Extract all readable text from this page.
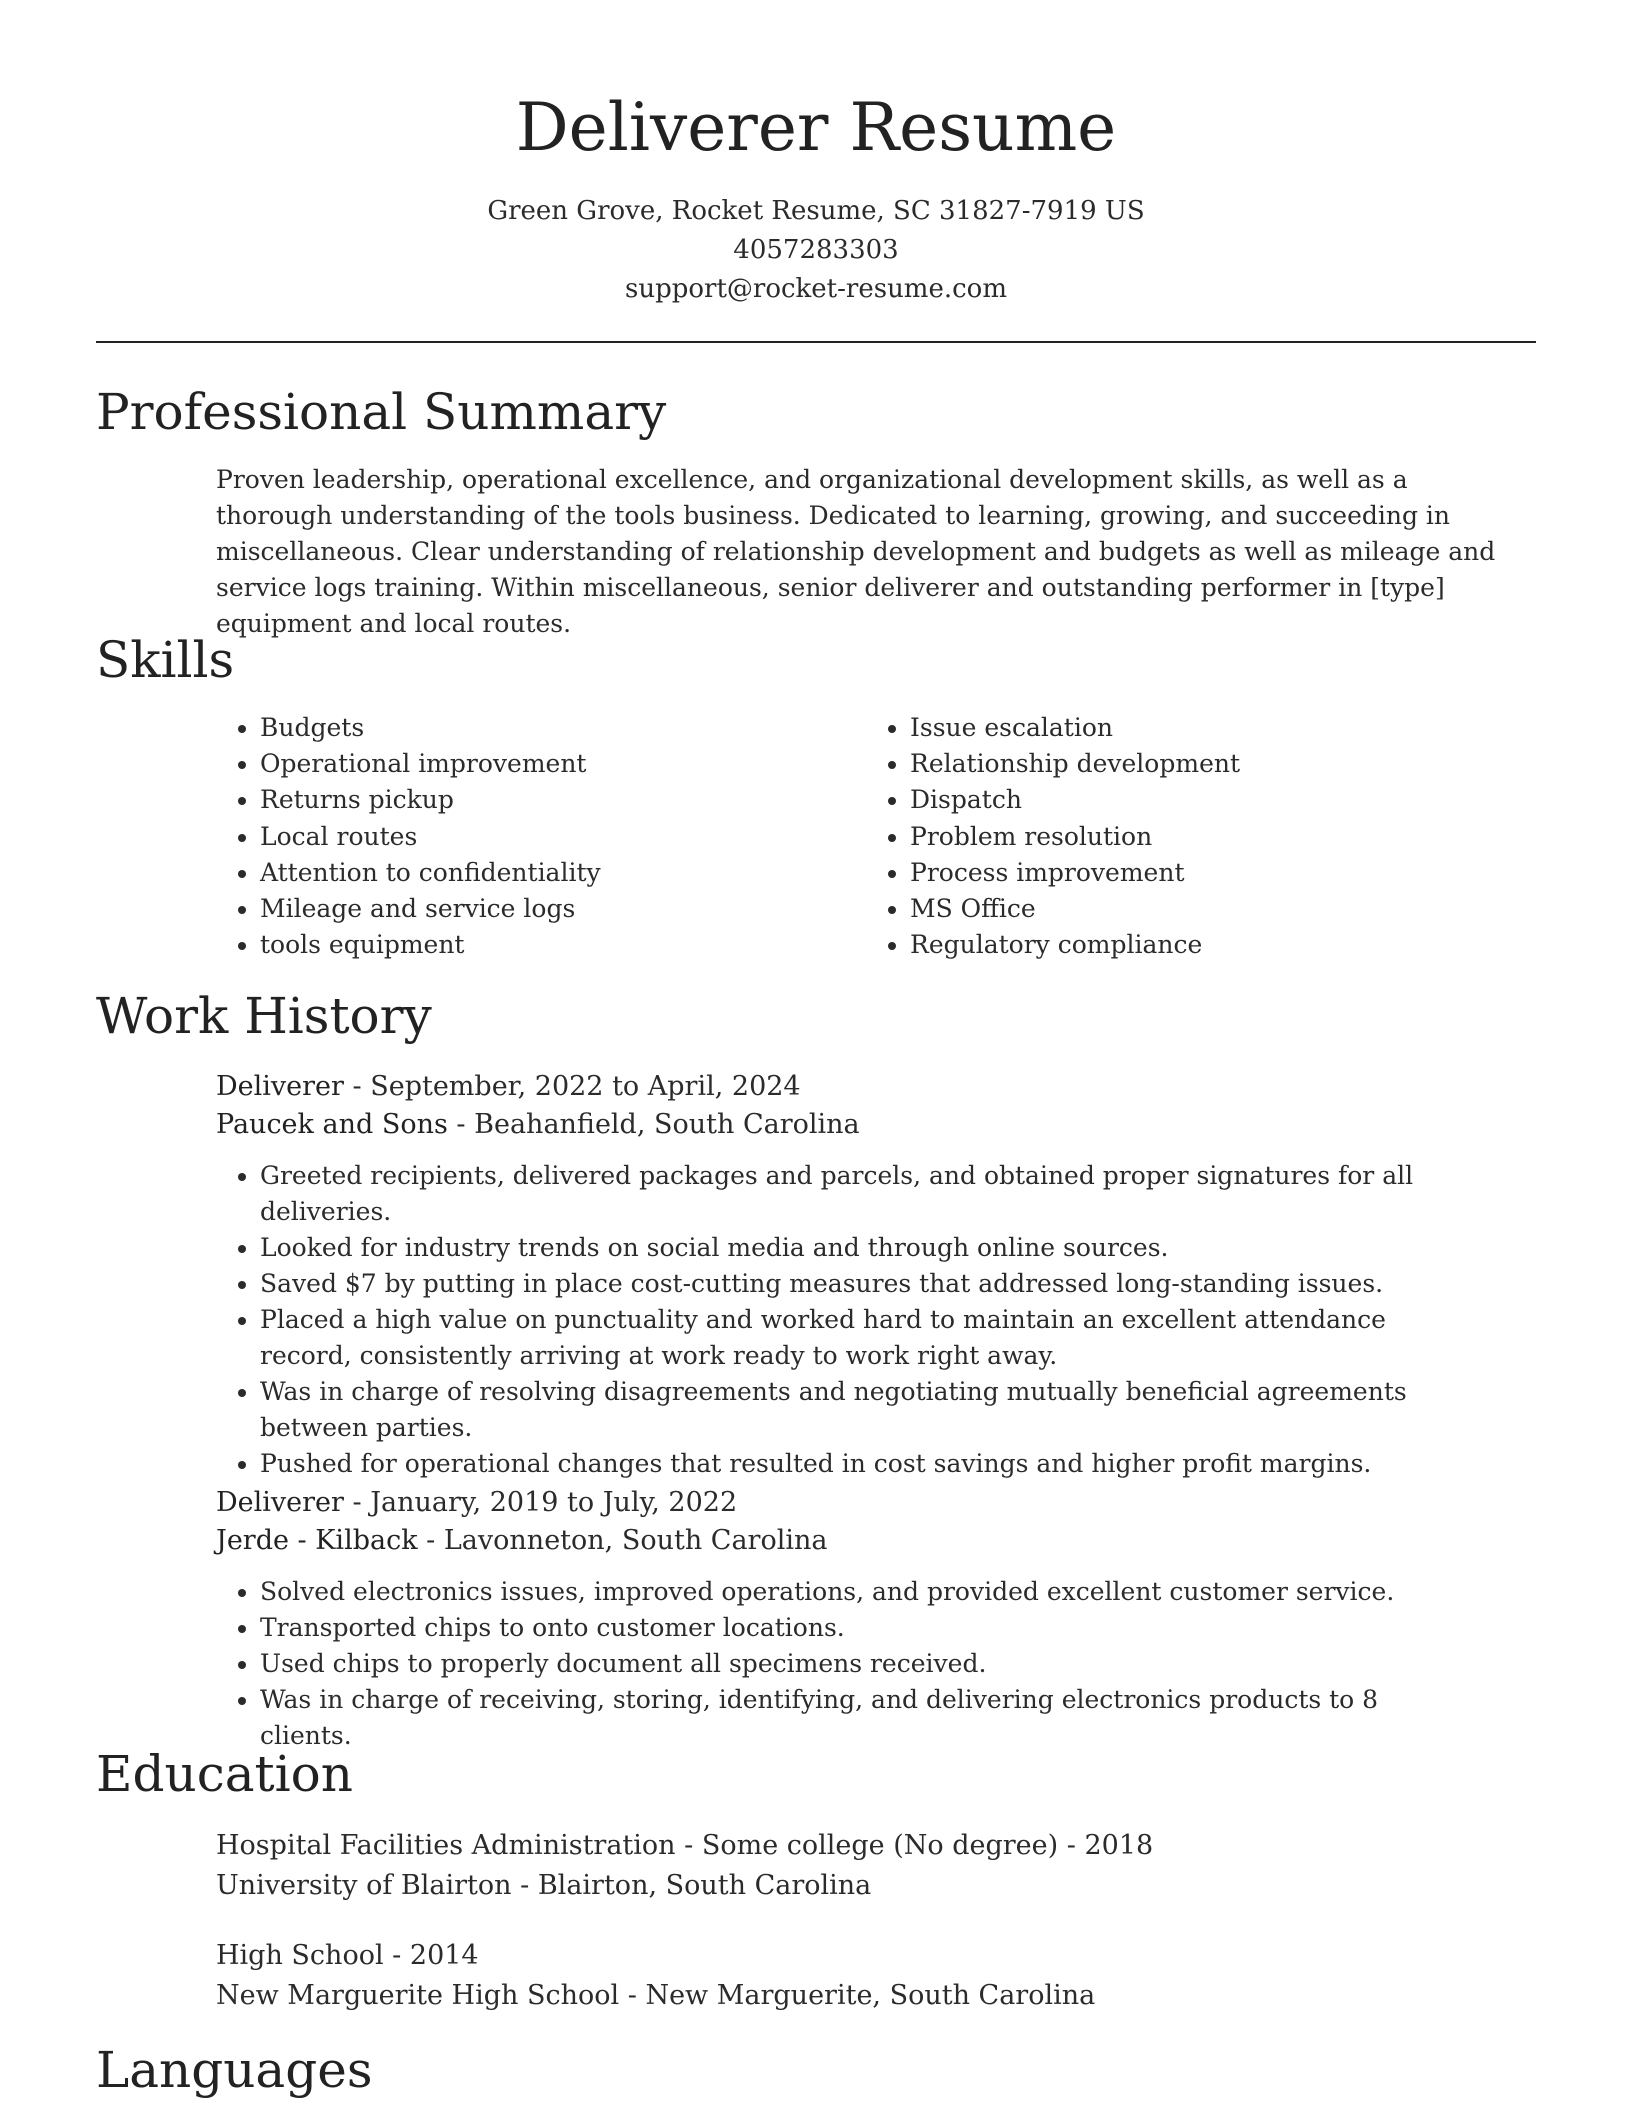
Deliverer Resume
Green Grove, Rocket Resume, SC 31827-7919 US
4057283303
support@rocket-resume.com
Professional Summary
Proven leadership, operational excellence, and organizational development skills, as well as a thorough understanding of the tools business. Dedicated to learning, growing, and succeeding in miscellaneous. Clear understanding of relationship development and budgets as well as mileage and service logs training. Within miscellaneous, senior deliverer and outstanding performer in [type] equipment and local routes.
Skills
• Budgets
• Operational improvement
• Returns pickup
• Local routes
• Attention to confidentiality
• Mileage and service logs
• tools equipment
• Issue escalation
• Relationship development
• Dispatch
• Problem resolution
• Process improvement
• MS Office
• Regulatory compliance
Work History
Deliverer - September, 2022 to April, 2024
Paucek and Sons - Beahanfield, South Carolina
• Greeted recipients, delivered packages and parcels, and obtained proper signatures for all deliveries.
• Looked for industry trends on social media and through online sources.
• Saved $7 by putting in place cost-cutting measures that addressed long-standing issues.
• Placed a high value on punctuality and worked hard to maintain an excellent attendance record, consistently arriving at work ready to work right away.
• Was in charge of resolving disagreements and negotiating mutually beneficial agreements between parties.
• Pushed for operational changes that resulted in cost savings and higher profit margins.
Deliverer - January, 2019 to July, 2022
Jerde - Kilback - Lavonneton, South Carolina
• Solved electronics issues, improved operations, and provided excellent customer service.
• Transported chips to onto customer locations.
• Used chips to properly document all specimens received.
• Was in charge of receiving, storing, identifying, and delivering electronics products to 8 clients.
Education
Hospital Facilities Administration - Some college (No degree) - 2018
University of Blairton - Blairton, South Carolina
High School - 2014
New Marguerite High School - New Marguerite, South Carolina
Languages
